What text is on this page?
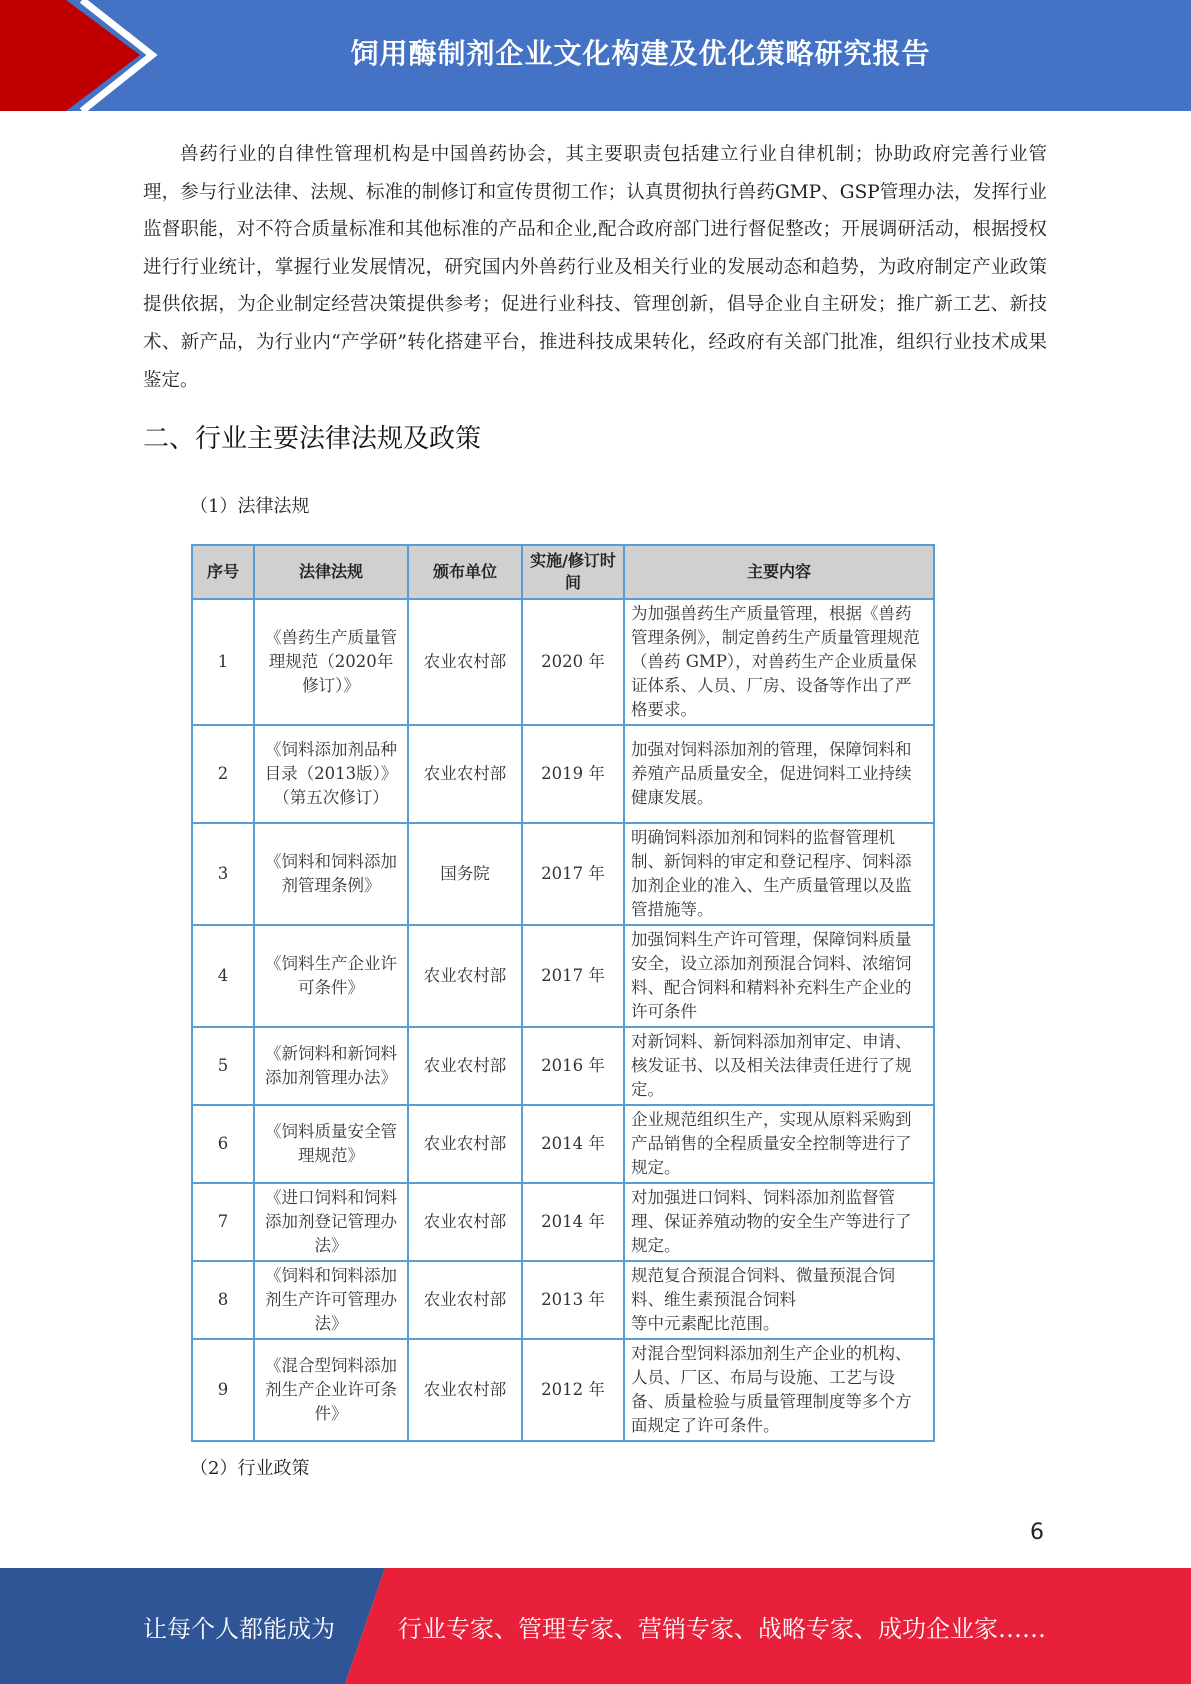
饲用酶制剂企业文化构建及优化策略研究报告

兽药行业的自律性管理机构是中国兽药协会，其主要职责包括建立行业自律机制；协助政府完善行业管理，参与行业法律、法规、标准的制修订和宣传贯彻工作；认真贯彻执行兽药GMP、GSP管理办法，发挥行业监督职能，对不符合质量标准和其他标准的产品和企业,配合政府部门进行督促整改；开展调研活动，根据授权进行行业统计，掌握行业发展情况，研究国内外兽药行业及相关行业的发展动态和趋势，为政府制定产业政策提供依据，为企业制定经营决策提供参考；促进行业科技、管理创新，倡导企业自主研发；推广新工艺、新技术、新产品，为行业内“产学研”转化搭建平台，推进科技成果转化，经政府有关部门批准，组织行业技术成果鉴定。

二、行业主要法律法规及政策
（1）法律法规
序号	法律法规	颁布单位	实施/修订时间	主要内容
1	《兽药生产质量管理规范（2020年修订）》	农业农村部	2020 年	为加强兽药生产质量管理，根据《兽药管理条例》，制定兽药生产质量管理规范（兽药 GMP），对兽药生产企业质量保证体系、人员、厂房、设备等作出了严格要求。
2	《饲料添加剂品种目录（2013版）》（第五次修订）	农业农村部	2019 年	加强对饲料添加剂的管理，保障饲料和养殖产品质量安全，促进饲料工业持续健康发展。
3	《饲料和饲料添加剂管理条例》	国务院	2017 年	明确饲料添加剂和饲料的监督管理机制、新饲料的审定和登记程序、饲料添加剂企业的准入、生产质量管理以及监管措施等。
4	《饲料生产企业许可条件》	农业农村部	2017 年	加强饲料生产许可管理，保障饲料质量安全，设立添加剂预混合饲料、浓缩饲料、配合饲料和精料补充料生产企业的许可条件
5	《新饲料和新饲料添加剂管理办法》	农业农村部	2016 年	对新饲料、新饲料添加剂审定、申请、核发证书、以及相关法律责任进行了规定。
6	《饲料质量安全管理规范》	农业农村部	2014 年	企业规范组织生产，实现从原料采购到产品销售的全程质量安全控制等进行了规定。
7	《进口饲料和饲料添加剂登记管理办法》	农业农村部	2014 年	对加强进口饲料、饲料添加剂监督管理、保证养殖动物的安全生产等进行了规定。
8	《饲料和饲料添加剂生产许可管理办法》	农业农村部	2013 年	规范复合预混合饲料、微量预混合饲料、维生素预混合饲料
等中元素配比范围。
9	《混合型饲料添加剂生产企业许可条件》	农业农村部	2012 年	对混合型饲料添加剂生产企业的机构、人员、厂区、布局与设施、工艺与设备、质量检验与质量管理制度等多个方面规定了许可条件。
（2）行业政策
6
让每个人都能成为	行业专家、管理专家、营销专家、战略专家、成功企业家……
